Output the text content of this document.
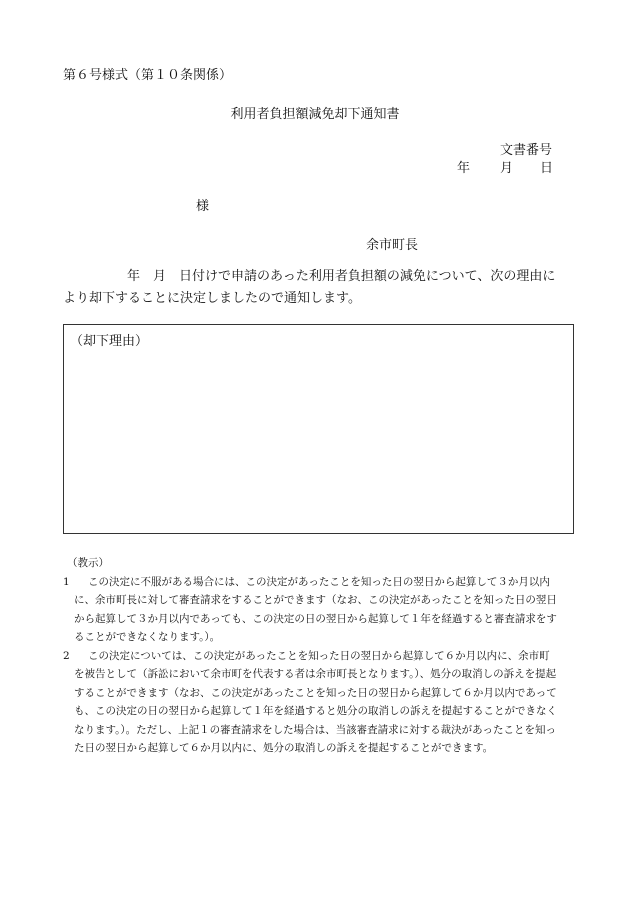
第６号様式（第１０条関係）
利用者負担額減免却下通知書
文書番号
年 月 日
様
余市町長
年　月　日付けで申請のあった利用者負担額の減免について、次の理由に
より却下することに決定しましたので通知します。
（却下理由）
（教示）
1	この決定に不服がある場合には、この決定があったことを知った日の翌日から起算して３か月以内に、余市町長に対して審査請求をすることができます（なお、この決定があったことを知った日の翌日から起算して３か月以内であっても、この決定の日の翌日から起算して１年を経過すると審査請求をすることができなくなります。）。
2	この決定については、この決定があったことを知った日の翌日から起算して６か月以内に、余市町を被告として（訴訟において余市町を代表する者は余市町長となります。）、処分の取消しの訴えを提起することができます（なお、この決定があったことを知った日の翌日から起算して６か月以内であっても、この決定の日の翌日から起算して１年を経過すると処分の取消しの訴えを提起することができなくなります。）。ただし、上記１の審査請求をした場合は、当該審査請求に対する裁決があったことを知った日の翌日から起算して６か月以内に、処分の取消しの訴えを提起することができます。
